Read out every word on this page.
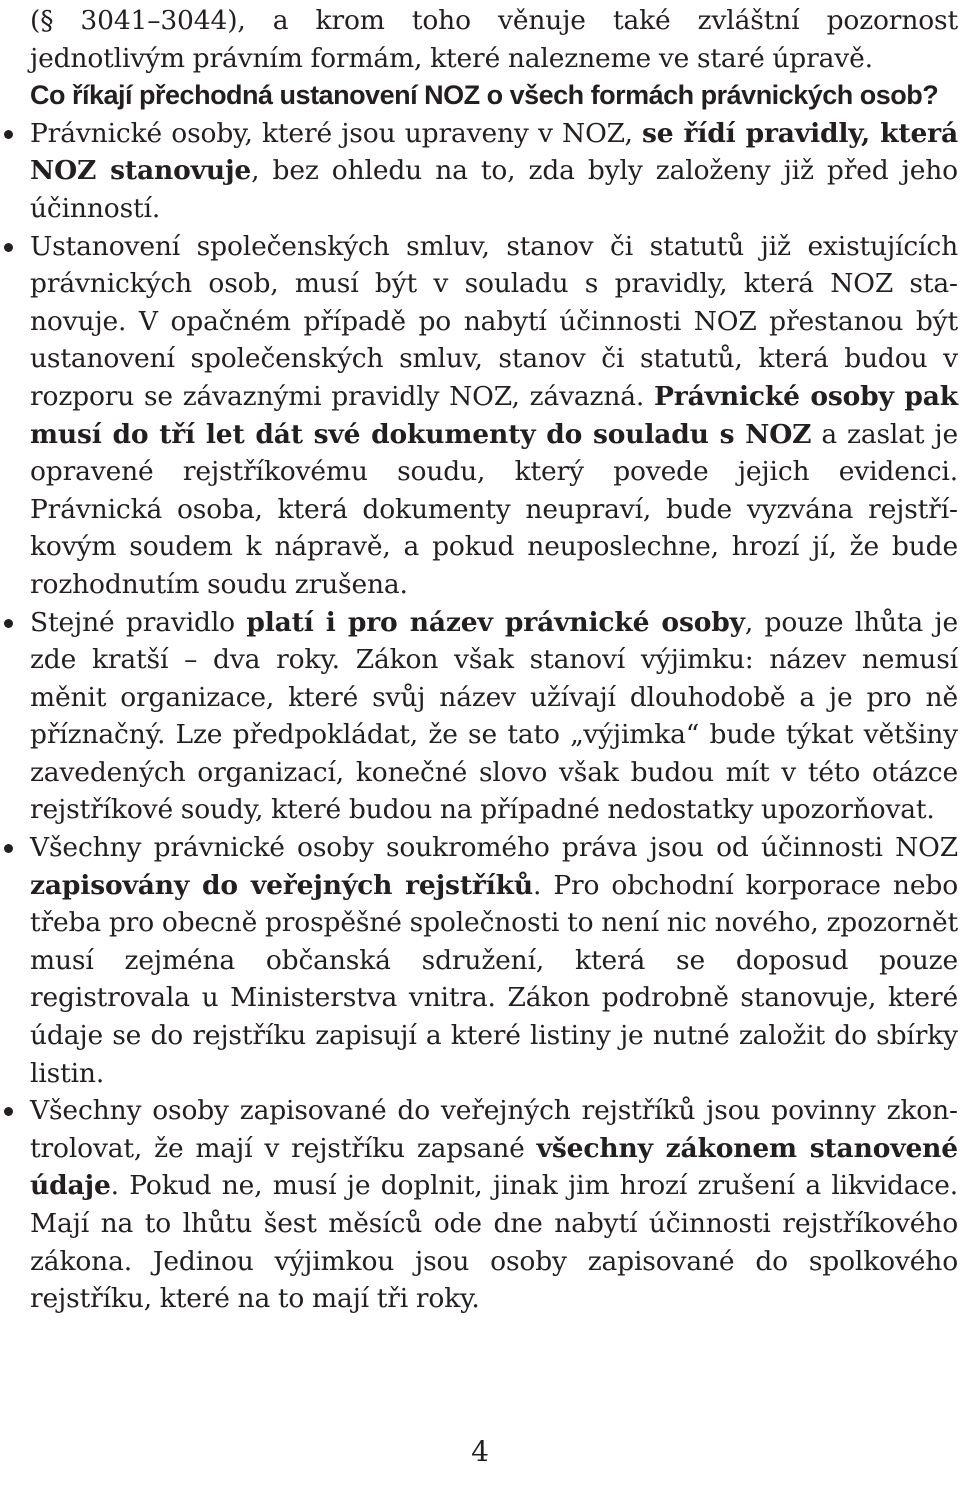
(§ 3041–3044), a krom toho věnuje také zvláštní pozornost jednotlivým právním formám, které nalezneme ve staré úpravě.

Co říkají přechodná ustanovení NOZ o všech formách právnických osob?

Právnické osoby, které jsou upraveny v NOZ, se řídí pravidly, která NOZ stanovuje, bez ohledu na to, zda byly založeny již před jeho účinností.
Ustanovení společenských smluv, stanov či statutů již existujících právnických osob, musí být v souladu s pravidly, která NOZ stanovuje. V opačném případě po nabytí účinnosti NOZ přestanou být ustanovení společenských smluv, stanov či statutů, která budou v rozporu se závaznými pravidly NOZ, závazná. Právnické osoby pak musí do tří let dát své dokumenty do souladu s NOZ a zaslat je opravené rejstříkovému soudu, který povede jejich evidenci. Právnická osoba, která dokumenty neupraví, bude vyzvána rejstříkovým soudem k nápravě, a pokud neuposlechne, hrozí jí, že bude rozhodnutím soudu zrušena.
Stejné pravidlo platí i pro název právnické osoby, pouze lhůta je zde kratší – dva roky. Zákon však stanoví výjimku: název nemusí měnit organizace, které svůj název užívají dlouhodobě a je pro ně příznačný. Lze předpokládat, že se tato „výjimka“ bude týkat většiny zavedených organizací, konečné slovo však budou mít v této otázce rejstříkové soudy, které budou na případné nedostatky upozorňovat.
Všechny právnické osoby soukromého práva jsou od účinnosti NOZ zapisovány do veřejných rejstříků. Pro obchodní korporace nebo třeba pro obecně prospěšné společnosti to není nic nového, zpozornět musí zejména občanská sdružení, která se doposud pouze registrovala u Ministerstva vnitra. Zákon podrobně stanovuje, které údaje se do rejstříku zapisují a které listiny je nutné založit do sbírky listin.
Všechny osoby zapisované do veřejných rejstříků jsou povinny zkontrolovat, že mají v rejstříku zapsané všechny zákonem stanovené údaje. Pokud ne, musí je doplnit, jinak jim hrozí zrušení a likvidace. Mají na to lhůtu šest měsíců ode dne nabytí účinnosti rejstříkového zákona. Jedinou výjimkou jsou osoby zapisované do spolkového rejstříku, které na to mají tři roky.
4
